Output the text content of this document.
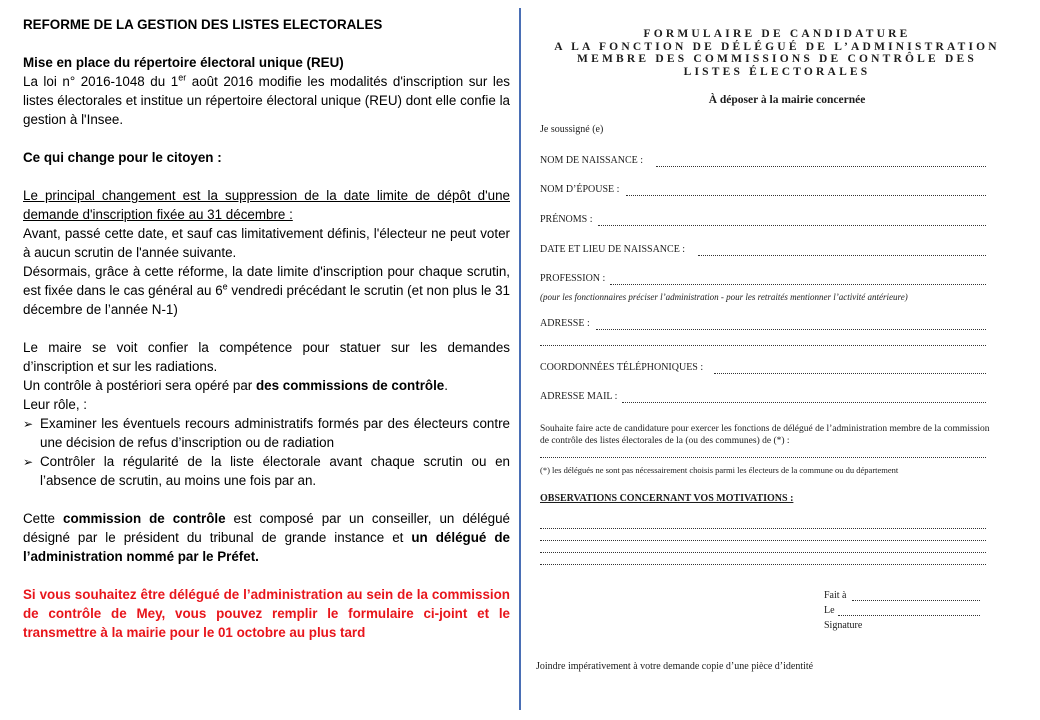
REFORME DE LA GESTION DES LISTES ELECTORALES
Mise en place du répertoire électoral unique (REU)
La loi n° 2016-1048 du 1er août 2016 modifie les modalités d'inscription sur les listes électorales et institue un répertoire électoral unique (REU) dont elle confie la gestion à l'Insee.
Ce qui change pour le citoyen :
Le principal changement est la suppression de la date limite de dépôt d'une demande d'inscription fixée au 31 décembre :
Avant, passé cette date, et sauf cas limitativement définis, l'électeur ne peut voter à aucun scrutin de l'année suivante.
Désormais, grâce à cette réforme, la date limite d'inscription pour chaque scrutin, est fixée dans le cas général au 6e vendredi précédant le scrutin (et non plus le 31 décembre de l’année N-1)
Le maire se voit confier la compétence pour statuer sur les demandes d’inscription et sur les radiations.
Un contrôle à postériori sera opéré par des commissions de contrôle.
Leur rôle, :
➢ Examiner les éventuels recours administratifs formés par des électeurs contre une décision de refus d’inscription ou de radiation
➢ Contrôler la régularité de la liste électorale avant chaque scrutin ou en l’absence de scrutin, au moins une fois par an.
Cette commission de contrôle est composé par un conseiller, un délégué désigné par le président du tribunal de grande instance et un délégué de l’administration nommé par le Préfet.
Si vous souhaitez être délégué de l’administration au sein de la commission de contrôle de Mey, vous pouvez remplir le formulaire ci-joint et le transmettre à la mairie pour le 01 octobre au plus tard
FORMULAIRE DE CANDIDATURE
A LA FONCTION DE DÉLÉGUÉ DE L’ADMINISTRATION
MEMBRE DES COMMISSIONS DE CONTRÔLE DES
LISTES ÉLECTORALES
À déposer à la mairie concernée
Je soussigné (e)
NOM DE NAISSANCE :
NOM D’ÉPOUSE :
PRÉNOMS :
DATE ET LIEU DE NAISSANCE :
PROFESSION :
(pour les fonctionnaires préciser l’administration - pour les retraités mentionner l’activité antérieure)
ADRESSE :
COORDONNÉES TÉLÉPHONIQUES :
ADRESSE MAIL :
Souhaite faire acte de candidature pour exercer les fonctions de délégué de l’administration membre de la commission de contrôle des listes électorales de la (ou des communes) de (*) :
(*) les délégués ne sont pas nécessairement choisis parmi les électeurs de la commune ou du département
OBSERVATIONS CONCERNANT VOS MOTIVATIONS :
Fait à
Le
Signature
Joindre impérativement à votre demande copie d’une pièce d’identité
